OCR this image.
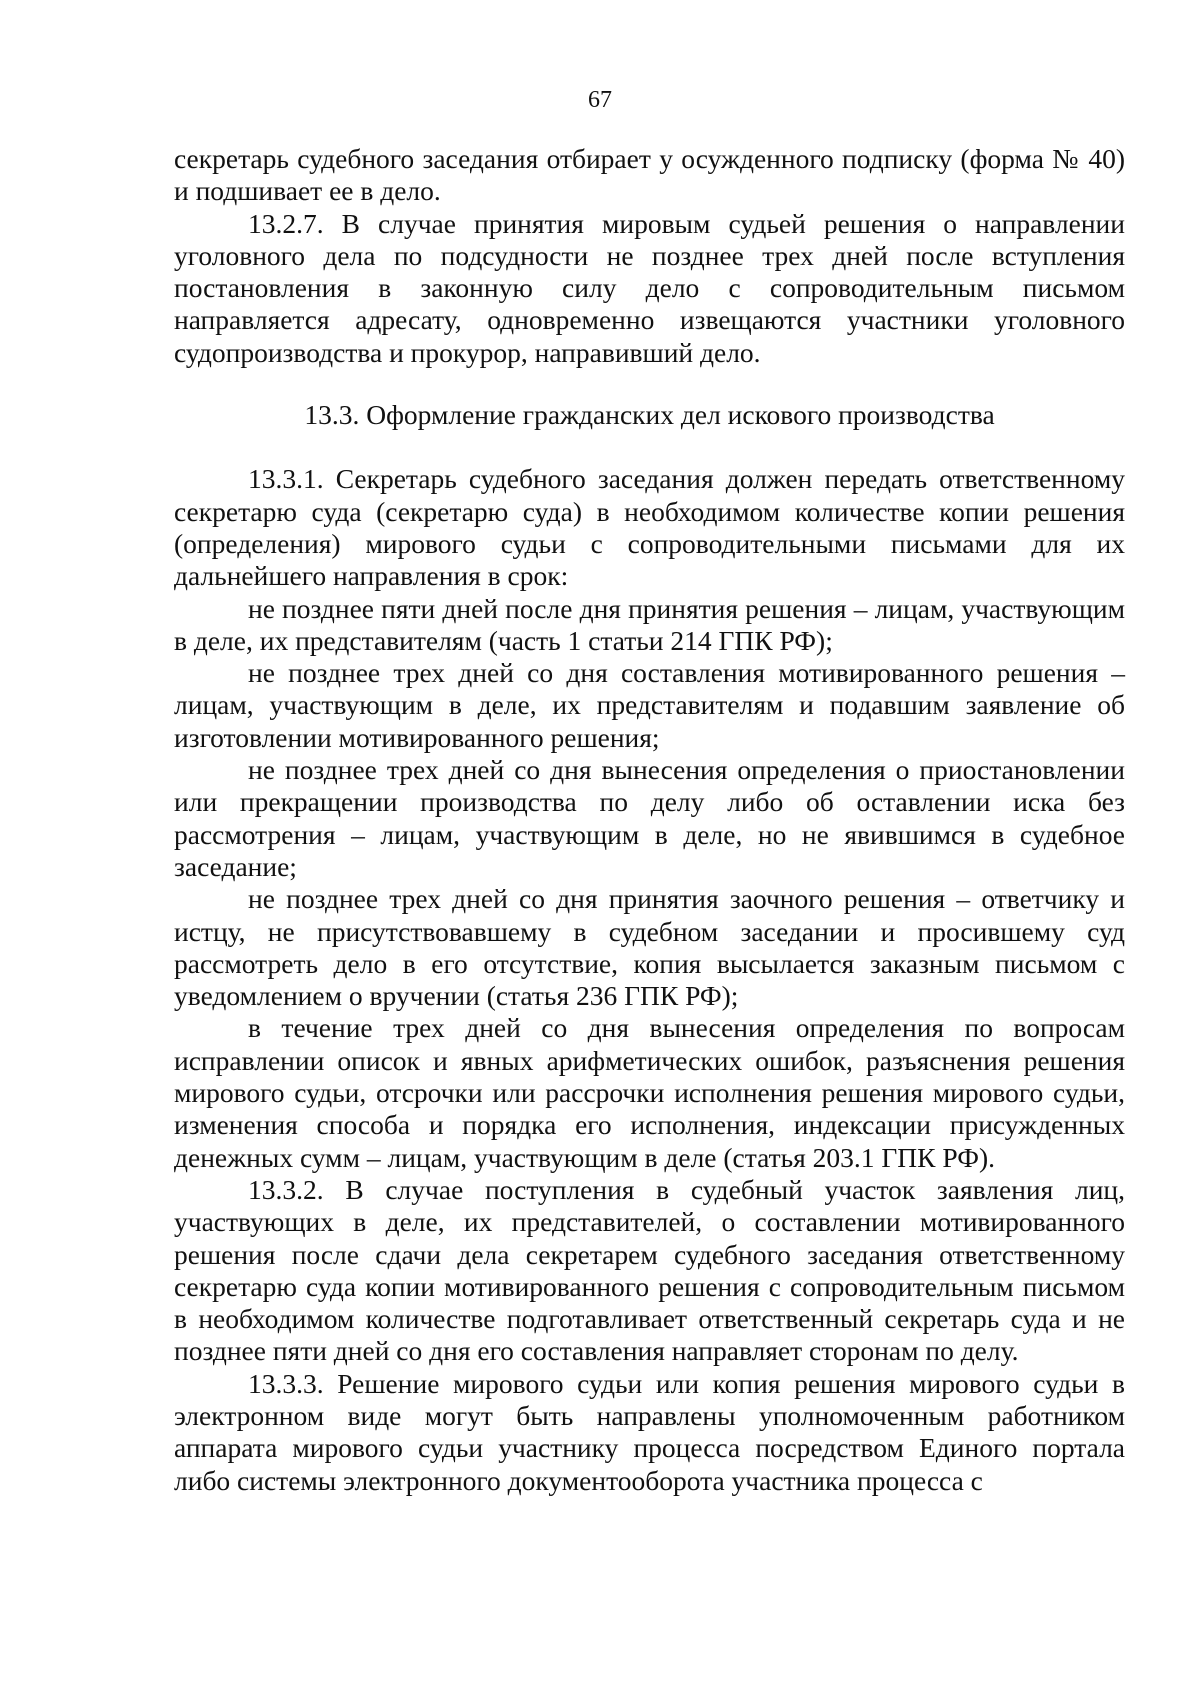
67

секретарь судебного заседания отбирает у осужденного подписку (форма № 40) и подшивает ее в дело.

13.2.7. В случае принятия мировым судьей решения о направлении уголовного дела по подсудности не позднее трех дней после вступления постановления в законную силу дело с сопроводительным письмом направляется адресату, одновременно извещаются участники уголовного судопроизводства и прокурор, направивший дело.

13.3. Оформление гражданских дел искового производства

13.3.1. Секретарь судебного заседания должен передать ответственному секретарю суда (секретарю суда) в необходимом количестве копии решения (определения) мирового судьи с сопроводительными письмами для их дальнейшего направления в срок:

не позднее пяти дней после дня принятия решения – лицам, участвующим в деле, их представителям (часть 1 статьи 214 ГПК РФ);

не позднее трех дней со дня составления мотивированного решения – лицам, участвующим в деле, их представителям и подавшим заявление об изготовлении мотивированного решения;

не позднее трех дней со дня вынесения определения о приостановлении или прекращении производства по делу либо об оставлении иска без рассмотрения – лицам, участвующим в деле, но не явившимся в судебное заседание;

не позднее трех дней со дня принятия заочного решения – ответчику и истцу, не присутствовавшему в судебном заседании и просившему суд рассмотреть дело в его отсутствие, копия высылается заказным письмом с уведомлением о вручении (статья 236 ГПК РФ);

в течение трех дней со дня вынесения определения по вопросам исправлении описок и явных арифметических ошибок, разъяснения решения мирового судьи, отсрочки или рассрочки исполнения решения мирового судьи, изменения способа и порядка его исполнения, индексации присужденных денежных сумм – лицам, участвующим в деле (статья 203.1 ГПК РФ).

13.3.2. В случае поступления в судебный участок заявления лиц, участвующих в деле, их представителей, о составлении мотивированного решения после сдачи дела секретарем судебного заседания ответственному секретарю суда копии мотивированного решения с сопроводительным письмом в необходимом количестве подготавливает ответственный секретарь суда и не позднее пяти дней со дня его составления направляет сторонам по делу.

13.3.3. Решение мирового судьи или копия решения мирового судьи в электронном виде могут быть направлены уполномоченным работником аппарата мирового судьи участнику процесса посредством Единого портала либо системы электронного документооборота участника процесса с
